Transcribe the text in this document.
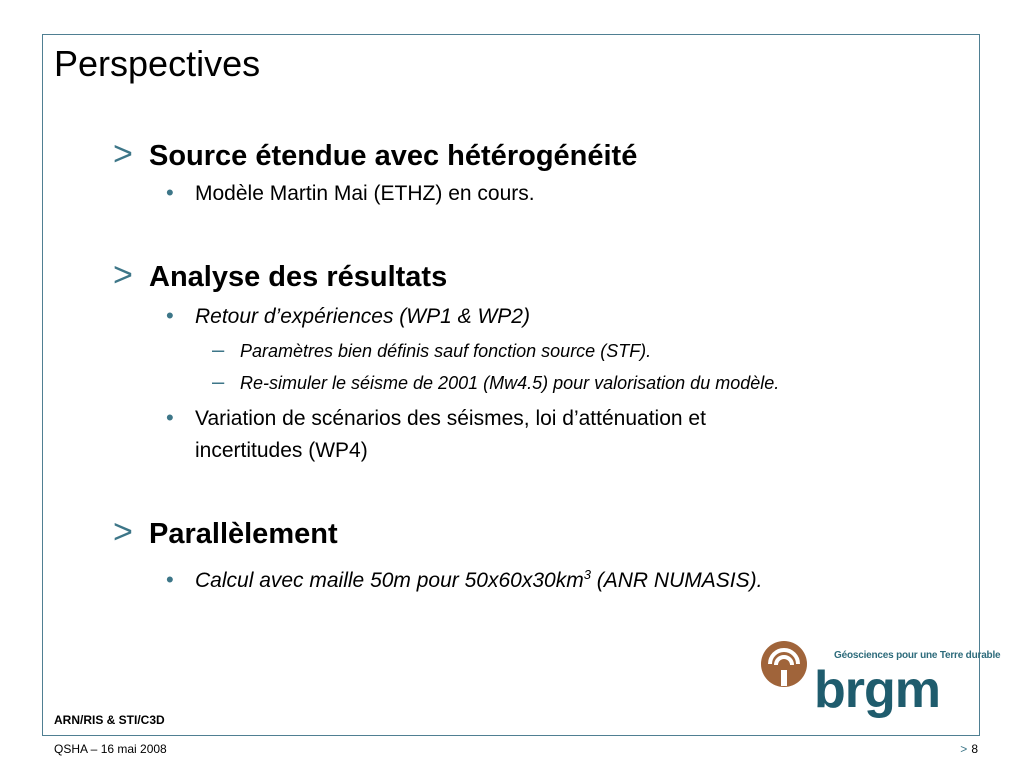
Perspectives
> Source étendue avec hétérogénéité
•	Modèle Martin Mai (ETHZ) en cours.
> Analyse des résultats
•	Retour d’expériences (WP1 & WP2)
– Paramètres bien définis sauf fonction source (STF).
– Re-simuler le séisme de 2001 (Mw4.5) pour valorisation du modèle.
•	Variation de scénarios des séismes, loi d’atténuation et
incertitudes (WP4)
> Parallèlement
•	Calcul avec maille 50m pour $50x60x30km^3$ (ANR NUMASIS).
Géosciences pour une Terre durable
brgm
ARN/RIS & STI/C3D
QSHA – 16 mai 2008	> 8
